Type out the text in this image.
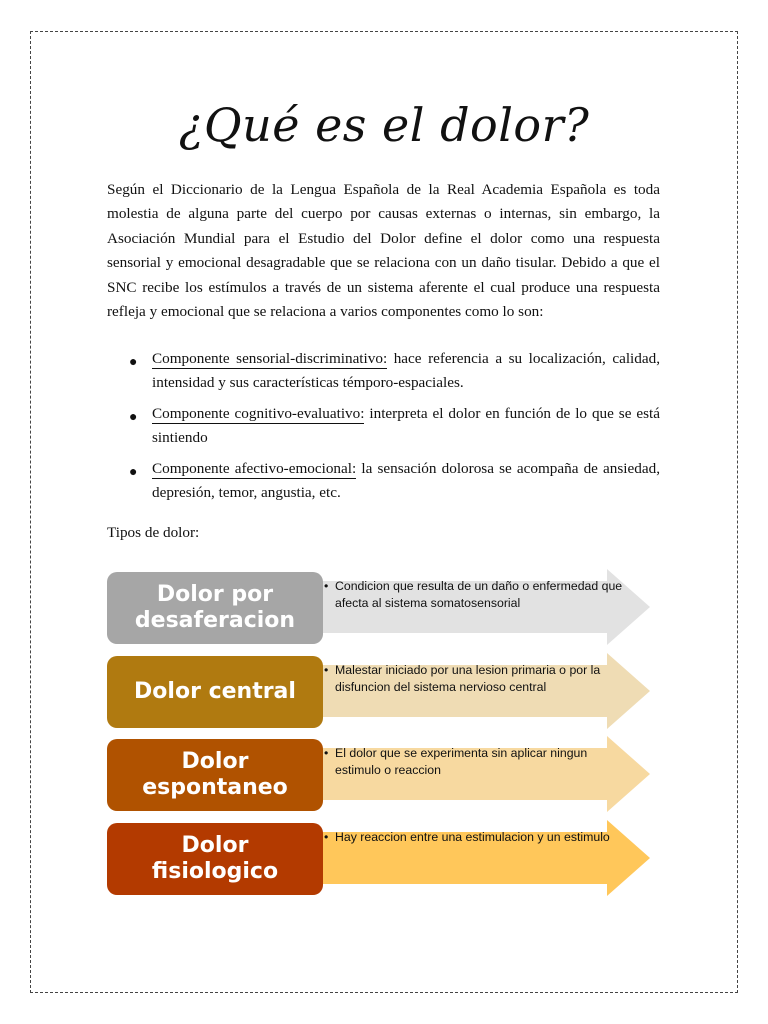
¿Qué es el dolor?

Según el Diccionario de la Lengua Española de la Real Academia Española es toda molestia de alguna parte del cuerpo por causas externas o internas, sin embargo, la Asociación Mundial para el Estudio del Dolor define el dolor como una respuesta sensorial y emocional desagradable que se relaciona con un daño tisular. Debido a que el SNC recibe los estímulos a través de un sistema aferente el cual produce una respuesta refleja y emocional que se relaciona a varios componentes como lo son:

● Componente sensorial-discriminativo: hace referencia a su localización, calidad, intensidad y sus características témporo-espaciales.
● Componente cognitivo-evaluativo: interpreta el dolor en función de lo que se está sintiendo
● Componente afectivo-emocional: la sensación dolorosa se acompaña de ansiedad, depresión, temor, angustia, etc.

Tipos de dolor:

Dolor por desaferacion
• Condicion que resulta de un daño o enfermedad que afecta al sistema somatosensorial
Dolor central
• Malestar iniciado por una lesion primaria o por la disfuncion del sistema nervioso central
Dolor espontaneo
• El dolor que se experimenta sin aplicar ningun estimulo o reaccion
Dolor fisiologico
• Hay reaccion entre una estimulacion y un estimulo
